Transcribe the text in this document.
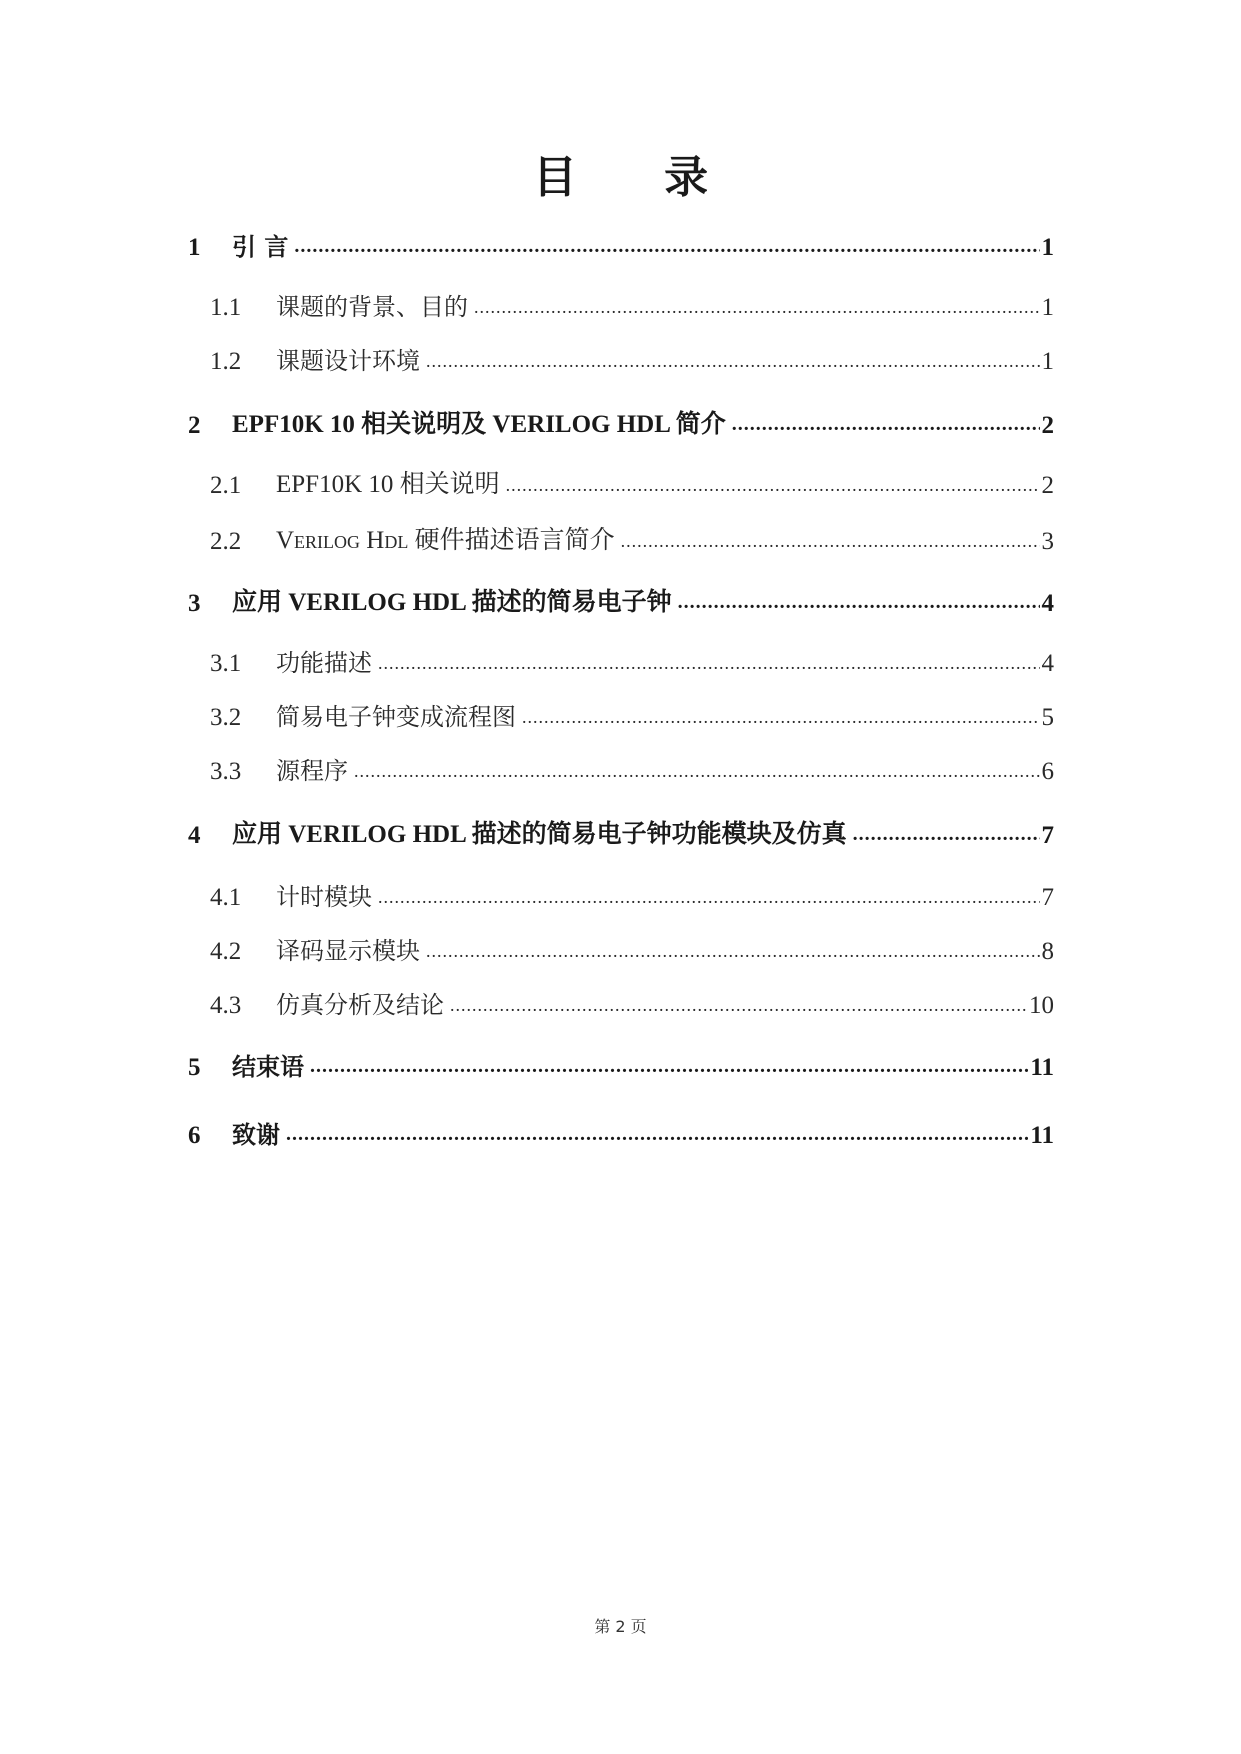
目 录
1	引 言 .....	1
1.1	课题的背景、目的 .....	1
1.2	课题设计环境 .....	1
2	EPF10K 10 相关说明及 VERILOG HDL 简介 .....	2
2.1	EPF10K 10 相关说明 .....	2
2.2	Verilog Hdl 硬件描述语言简介 .....	3
3	应用 VERILOG HDL 描述的简易电子钟 .....	4
3.1	功能描述 .....	4
3.2	简易电子钟变成流程图 .....	5
3.3	源程序 .....	6
4	应用 VERILOG HDL 描述的简易电子钟功能模块及仿真 .....	7
4.1	计时模块 .....	7
4.2	译码显示模块 .....	8
4.3	仿真分析及结论 .....	10
5	结束语 .....	11
6	致谢 .....	11
第 2 页
